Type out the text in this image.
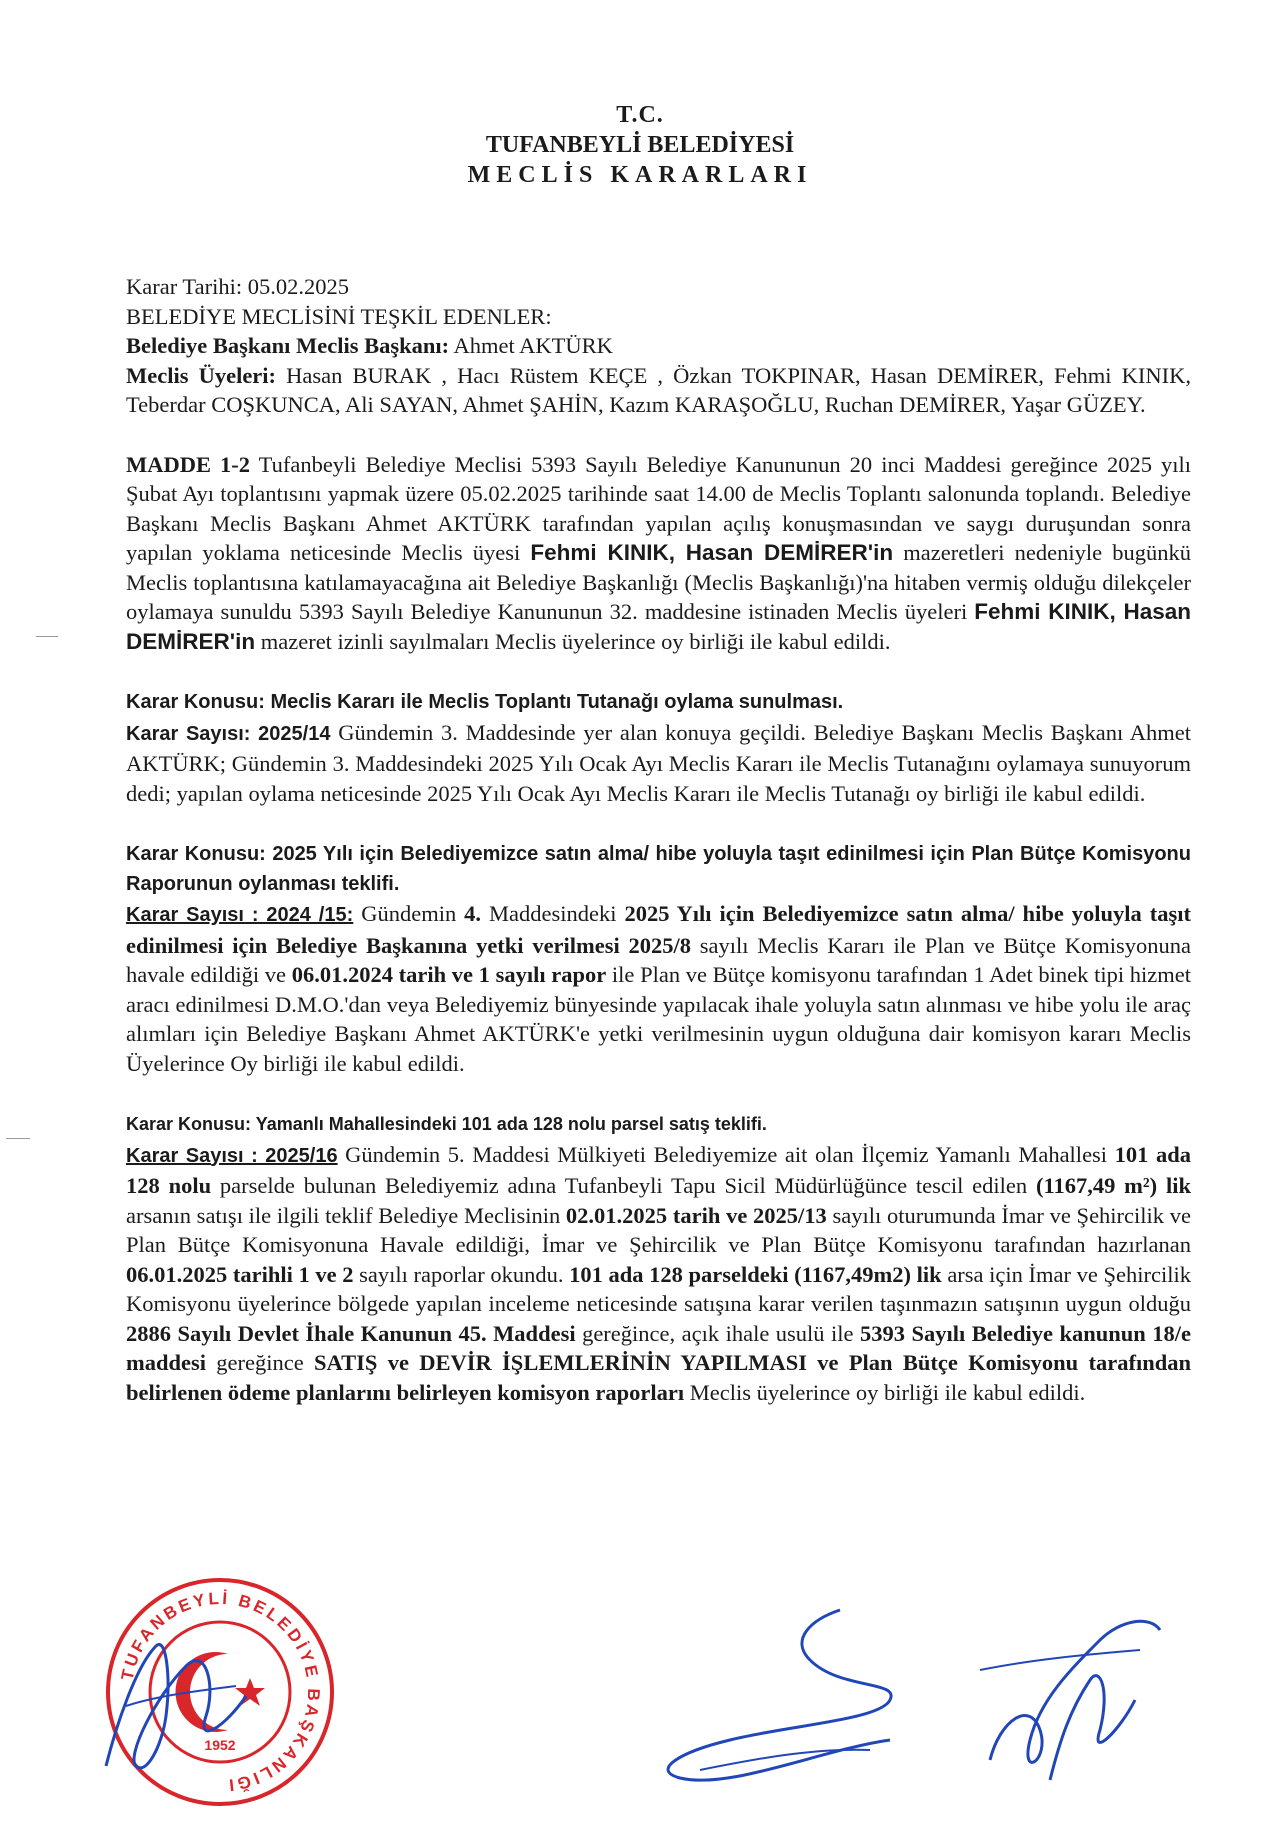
T.C.
TUFANBEYLİ BELEDİYESİ
MECLİS KARARLARI

Karar Tarihi: 05.02.2025

BELEDİYE MECLİSİNİ TEŞKİL EDENLER:

Belediye Başkanı Meclis Başkanı: Ahmet AKTÜRK

Meclis Üyeleri: Hasan BURAK , Hacı Rüstem KEÇE , Özkan TOKPINAR, Hasan DEMİRER, Fehmi KINIK, Teberdar COŞKUNCA, Ali SAYAN, Ahmet ŞAHİN, Kazım KARAŞOĞLU, Ruchan DEMİRER, Yaşar GÜZEY.

MADDE 1-2 Tufanbeyli Belediye Meclisi 5393 Sayılı Belediye Kanununun 20 inci Maddesi gereğince 2025 yılı Şubat Ayı toplantısını yapmak üzere 05.02.2025 tarihinde saat 14.00 de Meclis Toplantı salonunda toplandı. Belediye Başkanı Meclis Başkanı Ahmet AKTÜRK tarafından yapılan açılış konuşmasından ve saygı duruşundan sonra yapılan yoklama neticesinde Meclis üyesi Fehmi KINIK, Hasan DEMİRER'in mazeretleri nedeniyle bugünkü Meclis toplantısına katılamayacağına ait Belediye Başkanlığı (Meclis Başkanlığı)'na hitaben vermiş olduğu dilekçeler oylamaya sunuldu 5393 Sayılı Belediye Kanununun 32. maddesine istinaden Meclis üyeleri Fehmi KINIK, Hasan DEMİRER'in mazeret izinli sayılmaları Meclis üyelerince oy birliği ile kabul edildi.

Karar Konusu: Meclis Kararı ile Meclis Toplantı Tutanağı oylama sunulması.

Karar Sayısı: 2025/14 Gündemin 3. Maddesinde yer alan konuya geçildi. Belediye Başkanı Meclis Başkanı Ahmet AKTÜRK; Gündemin 3. Maddesindeki 2025 Yılı Ocak Ayı Meclis Kararı ile Meclis Tutanağını oylamaya sunuyorum dedi; yapılan oylama neticesinde 2025 Yılı Ocak Ayı Meclis Kararı ile Meclis Tutanağı oy birliği ile kabul edildi.

Karar Konusu: 2025 Yılı için Belediyemizce satın alma/ hibe yoluyla taşıt edinilmesi için Plan Bütçe Komisyonu Raporunun oylanması teklifi.

Karar Sayısı : 2024 /15: Gündemin 4. Maddesindeki 2025 Yılı için Belediyemizce satın alma/ hibe yoluyla taşıt edinilmesi için Belediye Başkanına yetki verilmesi 2025/8 sayılı Meclis Kararı ile Plan ve Bütçe Komisyonuna havale edildiği ve 06.01.2024 tarih ve 1 sayılı rapor ile Plan ve Bütçe komisyonu tarafından 1 Adet binek tipi hizmet aracı edinilmesi D.M.O.'dan veya Belediyemiz bünyesinde yapılacak ihale yoluyla satın alınması ve hibe yolu ile araç alımları için Belediye Başkanı Ahmet AKTÜRK'e yetki verilmesinin uygun olduğuna dair komisyon kararı Meclis Üyelerince Oy birliği ile kabul edildi.

Karar Konusu: Yamanlı Mahallesindeki 101 ada 128 nolu parsel satış teklifi.

Karar Sayısı : 2025/16 Gündemin 5. Maddesi Mülkiyeti Belediyemize ait olan İlçemiz Yamanlı Mahallesi 101 ada 128 nolu parselde bulunan Belediyemiz adına Tufanbeyli Tapu Sicil Müdürlüğünce tescil edilen (1167,49 m²) lik arsanın satışı ile ilgili teklif Belediye Meclisinin 02.01.2025 tarih ve 2025/13 sayılı oturumunda İmar ve Şehircilik ve Plan Bütçe Komisyonuna Havale edildiği, İmar ve Şehircilik ve Plan Bütçe Komisyonu tarafından hazırlanan 06.01.2025 tarihli 1 ve 2 sayılı raporlar okundu. 101 ada 128 parseldeki (1167,49m2) lik arsa için İmar ve Şehircilik Komisyonu üyelerince bölgede yapılan inceleme neticesinde satışına karar verilen taşınmazın satışının uygun olduğu 2886 Sayılı Devlet İhale Kanunun 45. Maddesi gereğince, açık ihale usulü ile 5393 Sayılı Belediye kanunun 18/e maddesi gereğince SATIŞ ve DEVİR İŞLEMLERİNİN YAPILMASI ve Plan Bütçe Komisyonu tarafından belirlenen ödeme planlarını belirleyen komisyon raporları Meclis üyelerince oy birliği ile kabul edildi.

TUFANBEYLİ BELEDİYE BAŞKANLIĞI
1952
